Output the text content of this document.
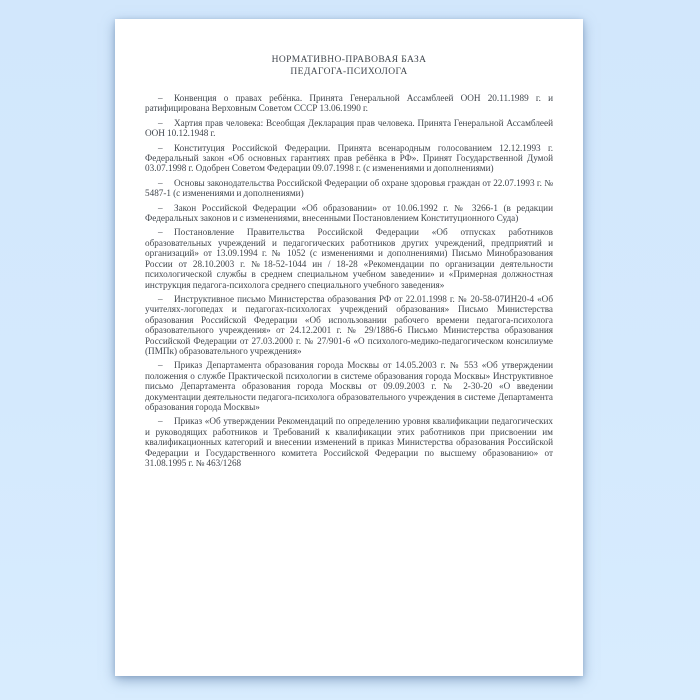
НОРМАТИВНО-ПРАВОВАЯ БАЗА
ПЕДАГОГА-ПСИХОЛОГА

– Конвенция о правах ребёнка. Принята Генеральной Ассамблеей ООН 20.11.1989 г. и ратифицирована Верховным Советом СССР 13.06.1990 г.

– Хартия прав человека: Всеобщая Декларация прав человека. Принята Генеральной Ассамблеей ООН 10.12.1948 г.

– Конституция Российской Федерации. Принята всенародным голосованием 12.12.1993 г. Федеральный закон «Об основных гарантиях прав ребёнка в РФ». Принят Государственной Думой 03.07.1998 г. Одобрен Советом Федерации 09.07.1998 г. (с изменениями и дополнениями)

– Основы законодательства Российской Федерации об охране здоровья граждан от 22.07.1993 г. № 5487-1 (с изменениями и дополнениями)

– Закон Российской Федерации «Об образовании» от 10.06.1992 г. № 3266-1 (в редакции Федеральных законов и с изменениями, внесенными Постановлением Конституционного Суда)

– Постановление Правительства Российской Федерации «Об отпусках работников образовательных учреждений и педагогических работников других учреждений, предприятий и организаций» от 13.09.1994 г. № 1052 (с изменениями и дополнениями) Письмо Минобразования России от 28.10.2003 г. №18-52-1044 ин / 18-28 «Рекомендации по организации деятельности психологической службы в среднем специальном учебном заведении» и «Примерная должностная инструкция педагога-психолога среднего специального учебного заведения»

– Инструктивное письмо Министерства образования РФ от 22.01.1998 г. № 20-58-07ИН20-4 «Об учителях-логопедах и педагогах-психологах учреждений образования» Письмо Министерства образования Российской Федерации «Об использовании рабочего времени педагога-психолога образовательного учреждения» от 24.12.2001 г. № 29/1886-6 Письмо Министерства образования Российской Федерации от 27.03.2000 г. № 27/901-6 «О психолого-медико-педагогическом консилиуме (ПМПк) образовательного учреждения»

– Приказ Департамента образования города Москвы от 14.05.2003 г. № 553 «Об утверждении положения о службе Практической психологии в системе образования города Москвы» Инструктивное письмо Департамента образования города Москвы от 09.09.2003 г. № 2-30-20 «О введении документации деятельности педагога-психолога образовательного учреждения в системе Департамента образования города Москвы»

– Приказ «Об утверждении Рекомендаций по определению уровня квалификации педагогических и руководящих работников и Требований к квалификации этих работников при присвоении им квалификационных категорий и внесении изменений в приказ Министерства образования Российской Федерации и Государственного комитета Российской Федерации по высшему образованию» от 31.08.1995 г. № 463/1268
